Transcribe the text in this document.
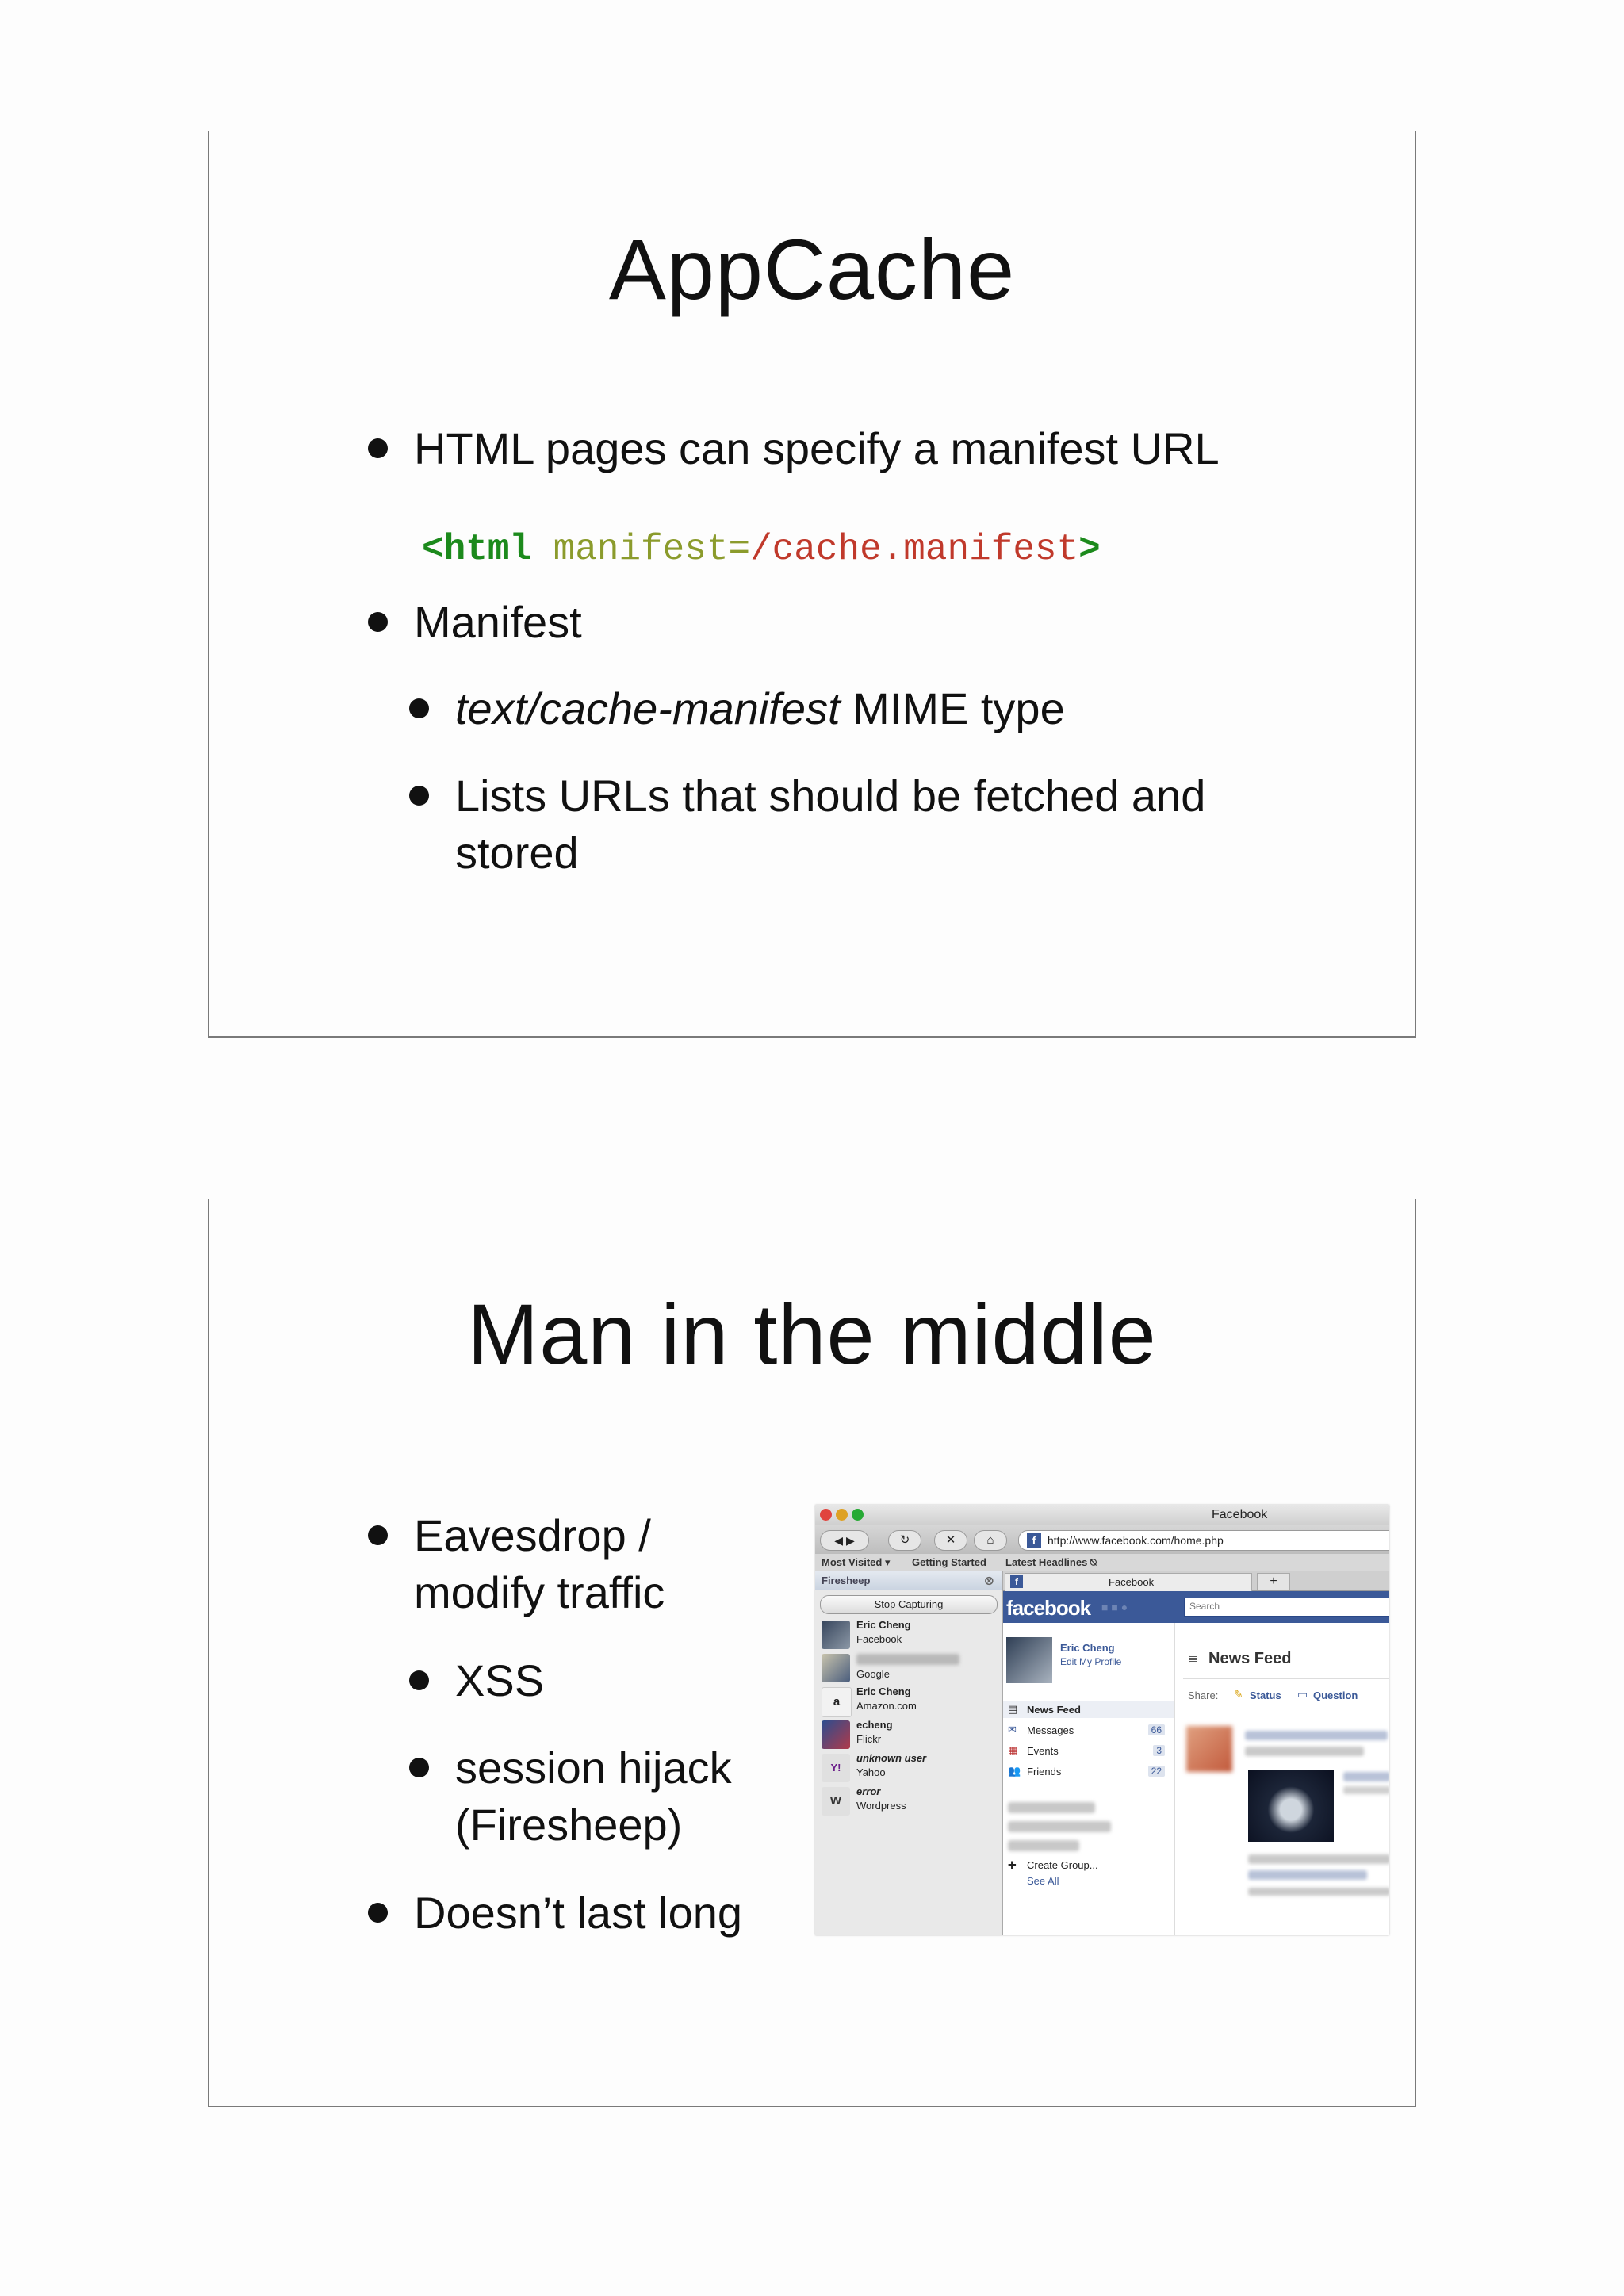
AppCache
HTML pages can specify a manifest URL
<html manifest=/cache.manifest>
Manifest
text/cache-manifest MIME type
Lists URLs that should be fetched and
stored
Man in the middle
Eavesdrop /
modify traffic
XSS
session hijack
(Firesheep)
Doesn’t last long
Facebook
◀ ▶	↻	✕	⌂	f	http://www.facebook.com/home.php
Most Visited ▾ Getting Started Latest Headlines ⍉
Firesheep	⊗
Stop Capturing
Eric Cheng
Facebook
Google
a
Eric Cheng
Amazon.com
echeng
Flickr
Y!
unknown user
Yahoo
W
error
Wordpress
f	Facebook	+
facebook ■ ■ ●	Search
Eric Cheng
Edit My Profile
▤ News Feed
✉ Messages	66
▦ Events	3
👥 Friends	22
✚ Create Group...
See All
▤ News Feed
Share: ✎ Status ▭ Question
